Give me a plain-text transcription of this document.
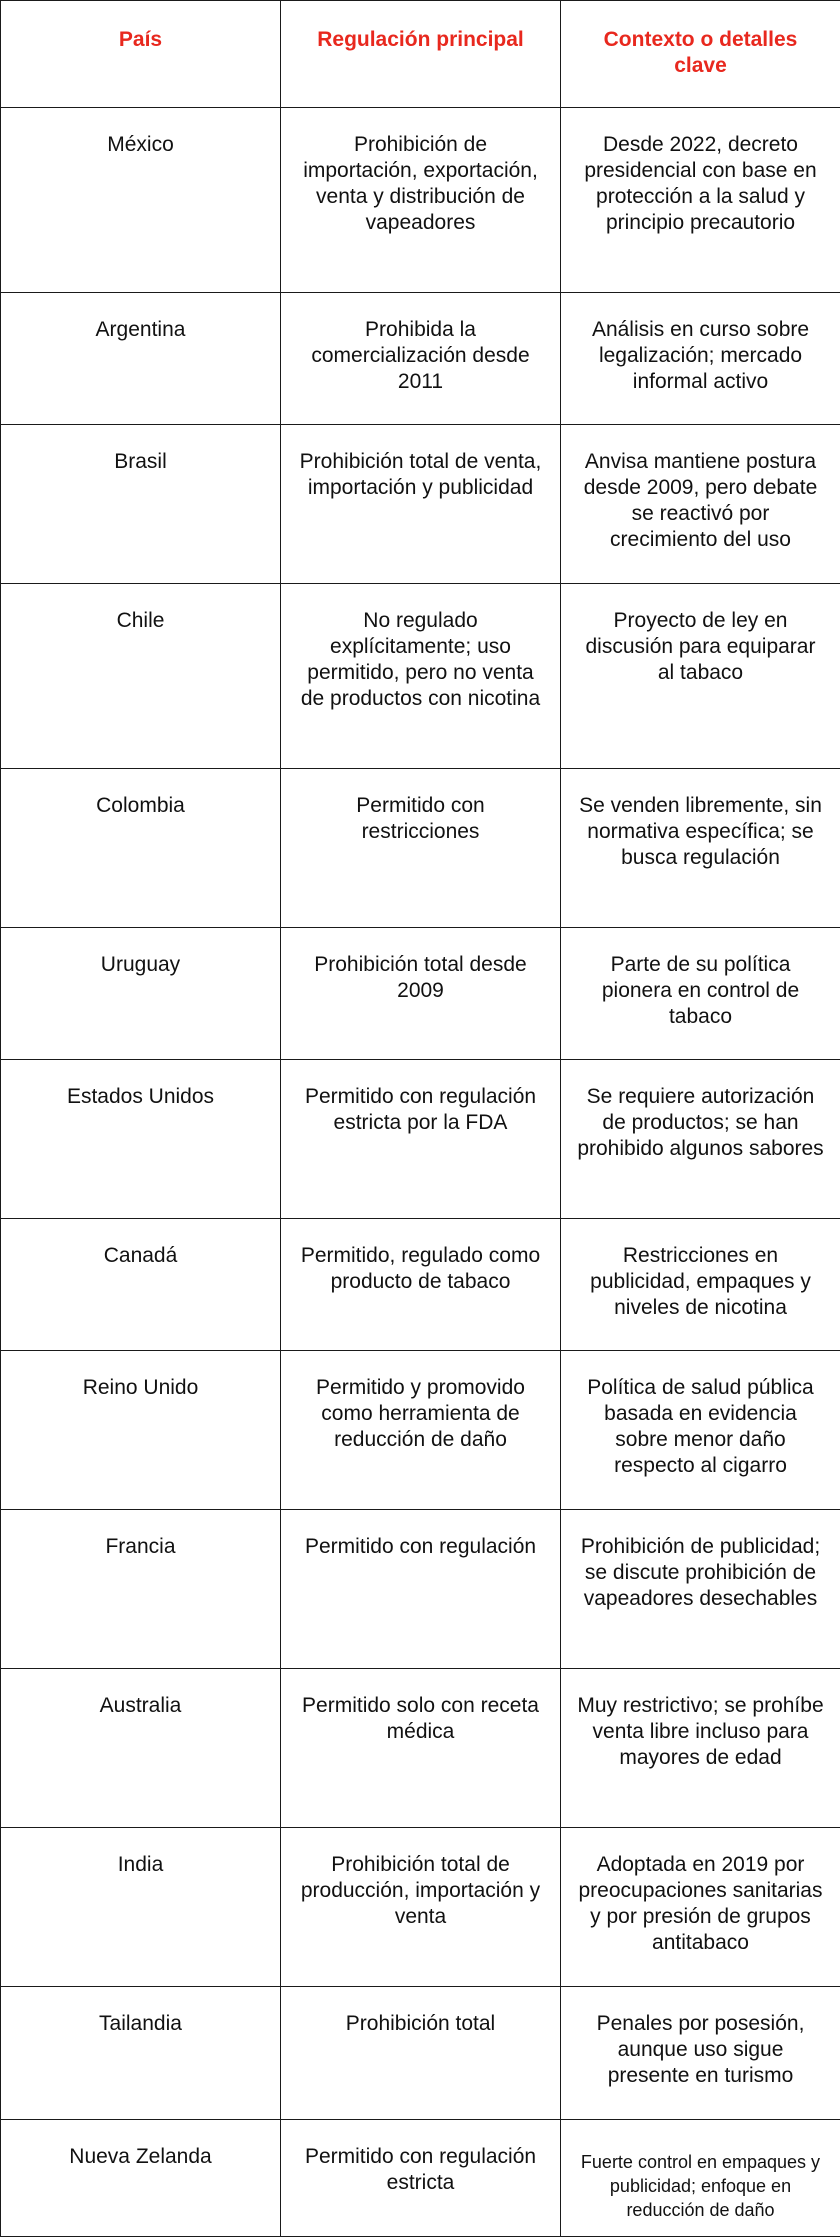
País	Regulación principal	Contexto o detalles clave
México	Prohibición de importación, exportación, venta y distribución de vapeadores	Desde 2022, decreto presidencial con base en protección a la salud y principio precautorio
Argentina	Prohibida la comercialización desde 2011	Análisis en curso sobre legalización; mercado informal activo
Brasil	Prohibición total de venta, importación y publicidad	Anvisa mantiene postura desde 2009, pero debate se reactivó por crecimiento del uso
Chile	No regulado explícitamente; uso permitido, pero no venta de productos con nicotina	Proyecto de ley en discusión para equiparar al tabaco
Colombia	Permitido con restricciones	Se venden libremente, sin normativa específica; se busca regulación
Uruguay	Prohibición total desde 2009	Parte de su política pionera en control de tabaco
Estados Unidos	Permitido con regulación estricta por la FDA	Se requiere autorización de productos; se han prohibido algunos sabores
Canadá	Permitido, regulado como producto de tabaco	Restricciones en publicidad, empaques y niveles de nicotina
Reino Unido	Permitido y promovido como herramienta de reducción de daño	Política de salud pública basada en evidencia sobre menor daño respecto al cigarro
Francia	Permitido con regulación	Prohibición de publicidad; se discute prohibición de vapeadores desechables
Australia	Permitido solo con receta médica	Muy restrictivo; se prohíbe venta libre incluso para mayores de edad
India	Prohibición total de producción, importación y venta	Adoptada en 2019 por preocupaciones sanitarias y por presión de grupos antitabaco
Tailandia	Prohibición total	Penales por posesión, aunque uso sigue presente en turismo
Nueva Zelanda	Permitido con regulación estricta	Fuerte control en empaques y publicidad; enfoque en reducción de daño
